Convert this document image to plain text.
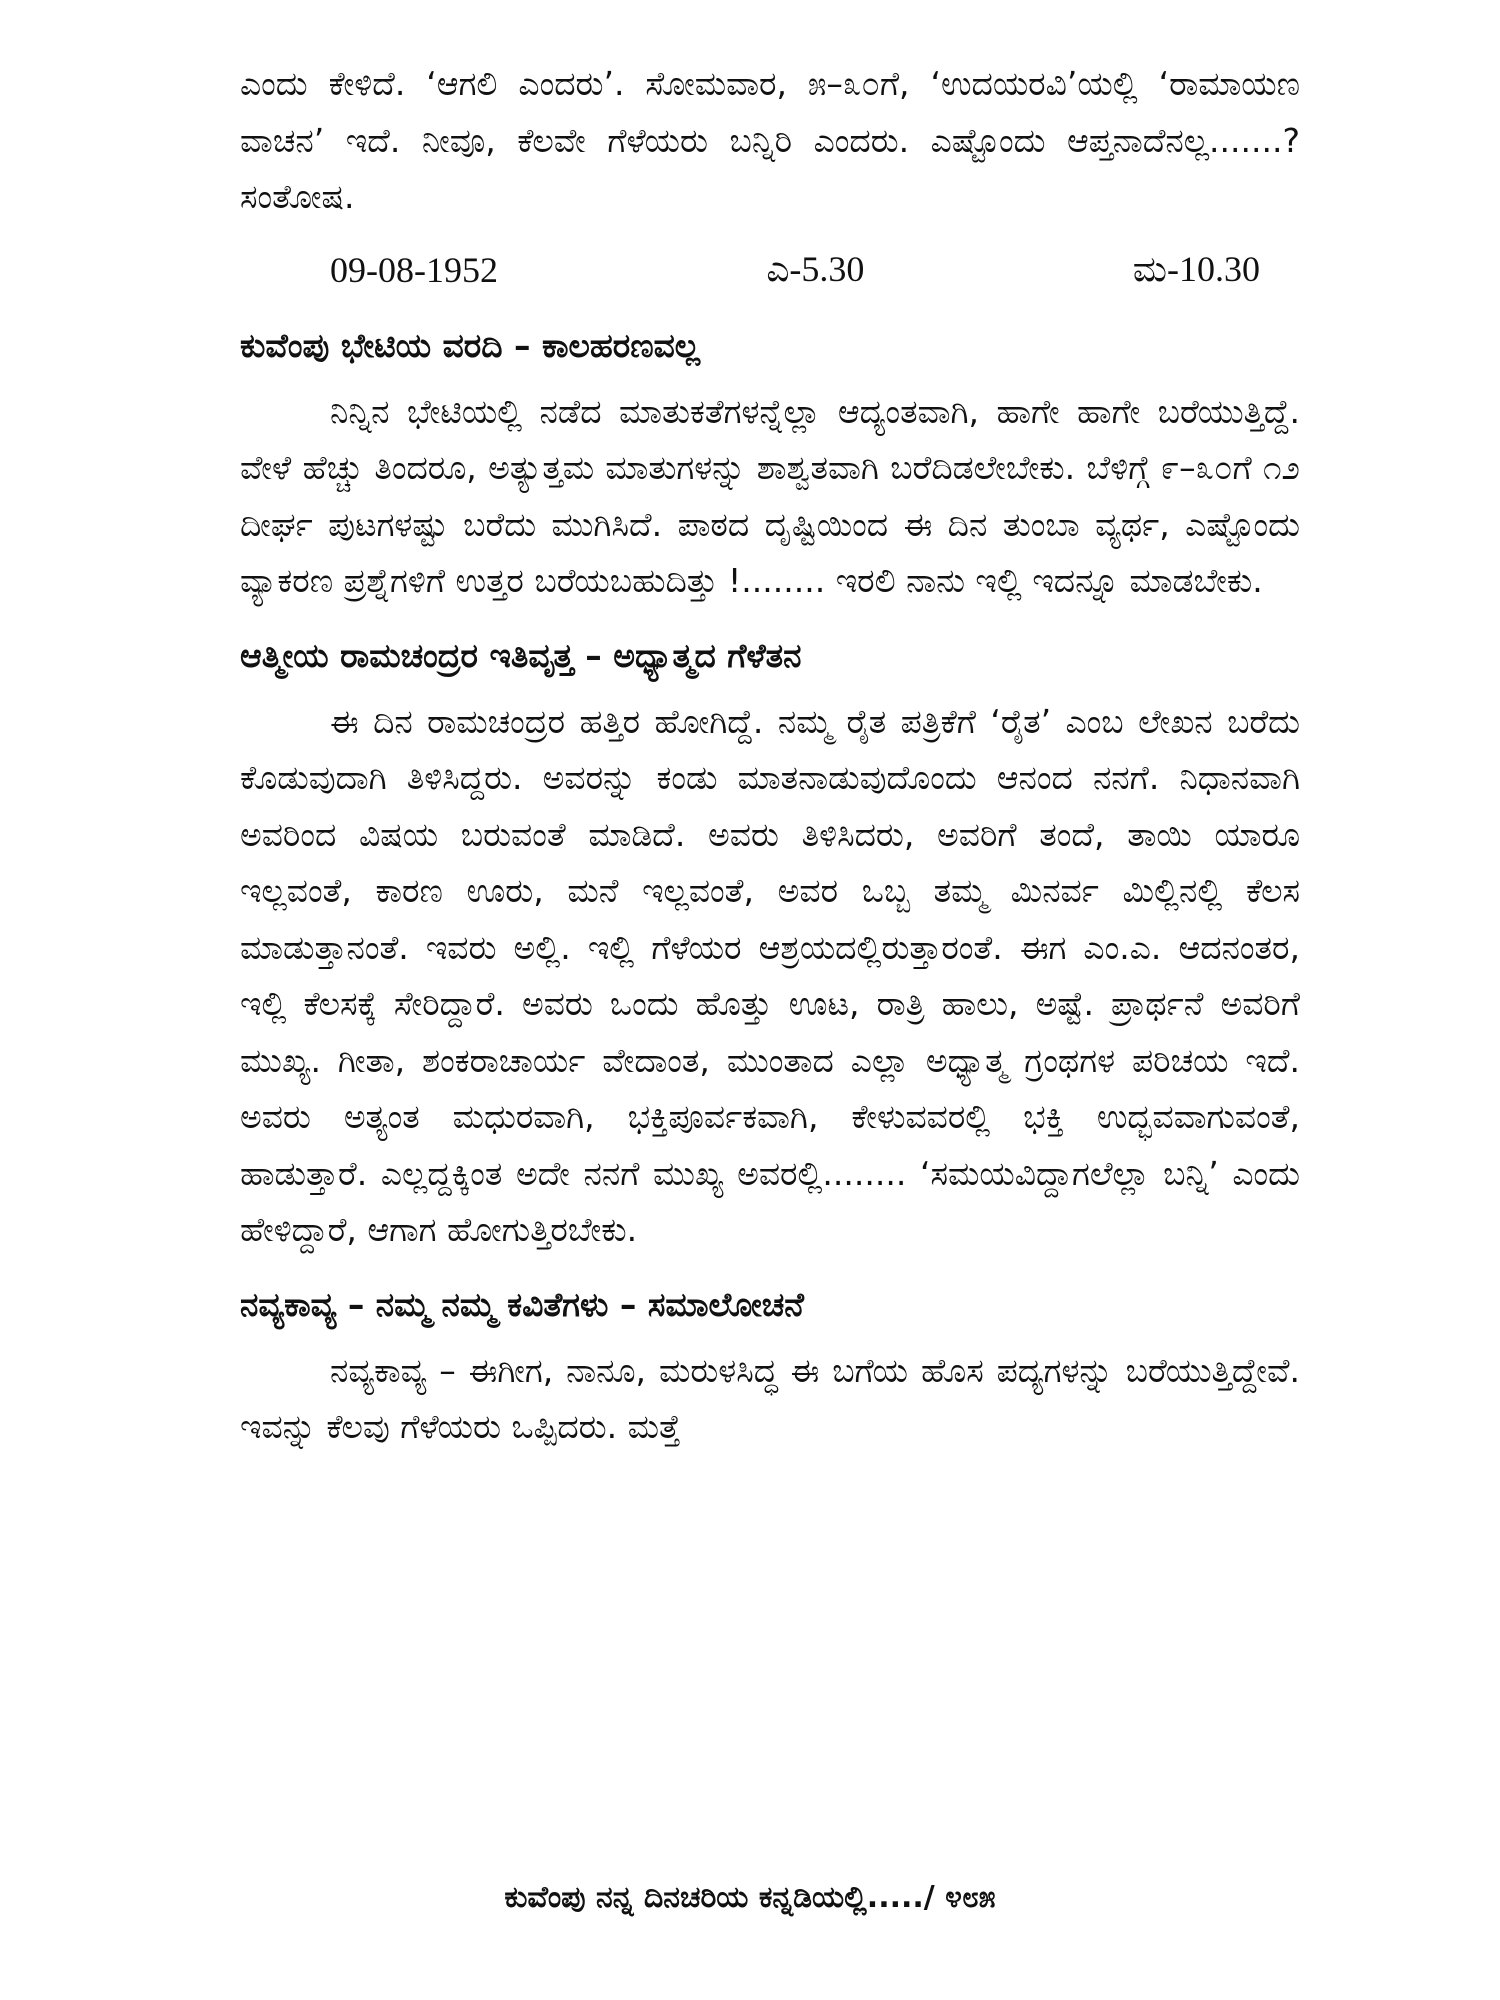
ಎಂದು ಕೇಳಿದೆ. ‘ಆಗಲಿ ಎಂದರು’. ಸೋಮವಾರ, ೫–೩೦ಗೆ, ‘ಉದಯರವಿ’ಯಲ್ಲಿ ‘ರಾಮಾಯಣ ವಾಚನ’ ಇದೆ. ನೀವೂ, ಕೆಲವೇ ಗೆಳೆಯರು ಬನ್ನಿರಿ ಎಂದರು. ಎಷ್ಟೊಂದು ಆಪ್ತನಾದೆನಲ್ಲ.......? ಸಂತೋಷ.

09-08-1952	ಎ-5.30	ಮ-10.30
ಕುವೆಂಪು ಭೇಟಿಯ ವರದಿ – ಕಾಲಹರಣವಲ್ಲ

ನಿನ್ನಿನ ಭೇಟಿಯಲ್ಲಿ ನಡೆದ ಮಾತುಕತೆಗಳನ್ನೆಲ್ಲಾ ಆದ್ಯಂತವಾಗಿ, ಹಾಗೇ ಹಾಗೇ ಬರೆಯುತ್ತಿದ್ದೆ. ವೇಳೆ ಹೆಚ್ಚು ತಿಂದರೂ, ಅತ್ಯುತ್ತಮ ಮಾತುಗಳನ್ನು ಶಾಶ್ವತವಾಗಿ ಬರೆದಿಡಲೇಬೇಕು. ಬೆಳಿಗ್ಗೆ ೯–೩೦ಗೆ ೧೨ ದೀರ್ಘ ಪುಟಗಳಷ್ಟು ಬರೆದು ಮುಗಿಸಿದೆ. ಪಾಠದ ದೃಷ್ಟಿಯಿಂದ ಈ ದಿನ ತುಂಬಾ ವ್ಯರ್ಥ, ಎಷ್ಟೊಂದು ವ್ಯಾಕರಣ ಪ್ರಶ್ನೆಗಳಿಗೆ ಉತ್ತರ ಬರೆಯಬಹುದಿತ್ತು !........ ಇರಲಿ ನಾನು ಇಲ್ಲಿ ಇದನ್ನೂ ಮಾಡಬೇಕು.

ಆತ್ಮೀಯ ರಾಮಚಂದ್ರರ ಇತಿವೃತ್ತ – ಅಧ್ಯಾತ್ಮದ ಗೆಳೆತನ

ಈ ದಿನ ರಾಮಚಂದ್ರರ ಹತ್ತಿರ ಹೋಗಿದ್ದೆ. ನಮ್ಮ ರೈತ ಪತ್ರಿಕೆಗೆ ‘ರೈತ’ ಎಂಬ ಲೇಖನ ಬರೆದು ಕೊಡುವುದಾಗಿ ತಿಳಿಸಿದ್ದರು. ಅವರನ್ನು ಕಂಡು ಮಾತನಾಡುವುದೊಂದು ಆನಂದ ನನಗೆ. ನಿಧಾನವಾಗಿ ಅವರಿಂದ ವಿಷಯ ಬರುವಂತೆ ಮಾಡಿದೆ. ಅವರು ತಿಳಿಸಿದರು, ಅವರಿಗೆ ತಂದೆ, ತಾಯಿ ಯಾರೂ ಇಲ್ಲವಂತೆ, ಕಾರಣ ಊರು, ಮನೆ ಇಲ್ಲವಂತೆ, ಅವರ ಒಬ್ಬ ತಮ್ಮ ಮಿನರ್ವ ಮಿಲ್ಲಿನಲ್ಲಿ ಕೆಲಸ ಮಾಡುತ್ತಾನಂತೆ. ಇವರು ಅಲ್ಲಿ. ಇಲ್ಲಿ ಗೆಳೆಯರ ಆಶ್ರಯದಲ್ಲಿರುತ್ತಾರಂತೆ. ಈಗ ಎಂ.ಎ. ಆದನಂತರ, ಇಲ್ಲಿ ಕೆಲಸಕ್ಕೆ ಸೇರಿದ್ದಾರೆ. ಅವರು ಒಂದು ಹೊತ್ತು ಊಟ, ರಾತ್ರಿ ಹಾಲು, ಅಷ್ಟೆ. ಪ್ರಾರ್ಥನೆ ಅವರಿಗೆ ಮುಖ್ಯ. ಗೀತಾ, ಶಂಕರಾಚಾರ್ಯ ವೇದಾಂತ, ಮುಂತಾದ ಎಲ್ಲಾ ಅಧ್ಯಾತ್ಮ ಗ್ರಂಥಗಳ ಪರಿಚಯ ಇದೆ. ಅವರು ಅತ್ಯಂತ ಮಧುರವಾಗಿ, ಭಕ್ತಿಪೂರ್ವಕವಾಗಿ, ಕೇಳುವವರಲ್ಲಿ ಭಕ್ತಿ ಉದ್ಭವವಾಗುವಂತೆ, ಹಾಡುತ್ತಾರೆ. ಎಲ್ಲದ್ದಕ್ಕಿಂತ ಅದೇ ನನಗೆ ಮುಖ್ಯ ಅವರಲ್ಲಿ........ ‘ಸಮಯವಿದ್ದಾಗಲೆಲ್ಲಾ ಬನ್ನಿ’ ಎಂದು ಹೇಳಿದ್ದಾರೆ, ಆಗಾಗ ಹೋಗುತ್ತಿರಬೇಕು.

ನವ್ಯಕಾವ್ಯ – ನಮ್ಮ ನಮ್ಮ ಕವಿತೆಗಳು – ಸಮಾಲೋಚನೆ

ನವ್ಯಕಾವ್ಯ – ಈಗೀಗ, ನಾನೂ, ಮರುಳಸಿದ್ಧ ಈ ಬಗೆಯ ಹೊಸ ಪದ್ಯಗಳನ್ನು ಬರೆಯುತ್ತಿದ್ದೇವೆ. ಇವನ್ನು ಕೆಲವು ಗೆಳೆಯರು ಒಪ್ಪಿದರು. ಮತ್ತೆ

ಕುವೆಂಪು ನನ್ನ ದಿನಚರಿಯ ಕನ್ನಡಿಯಲ್ಲಿ...../ ೪೮೫
